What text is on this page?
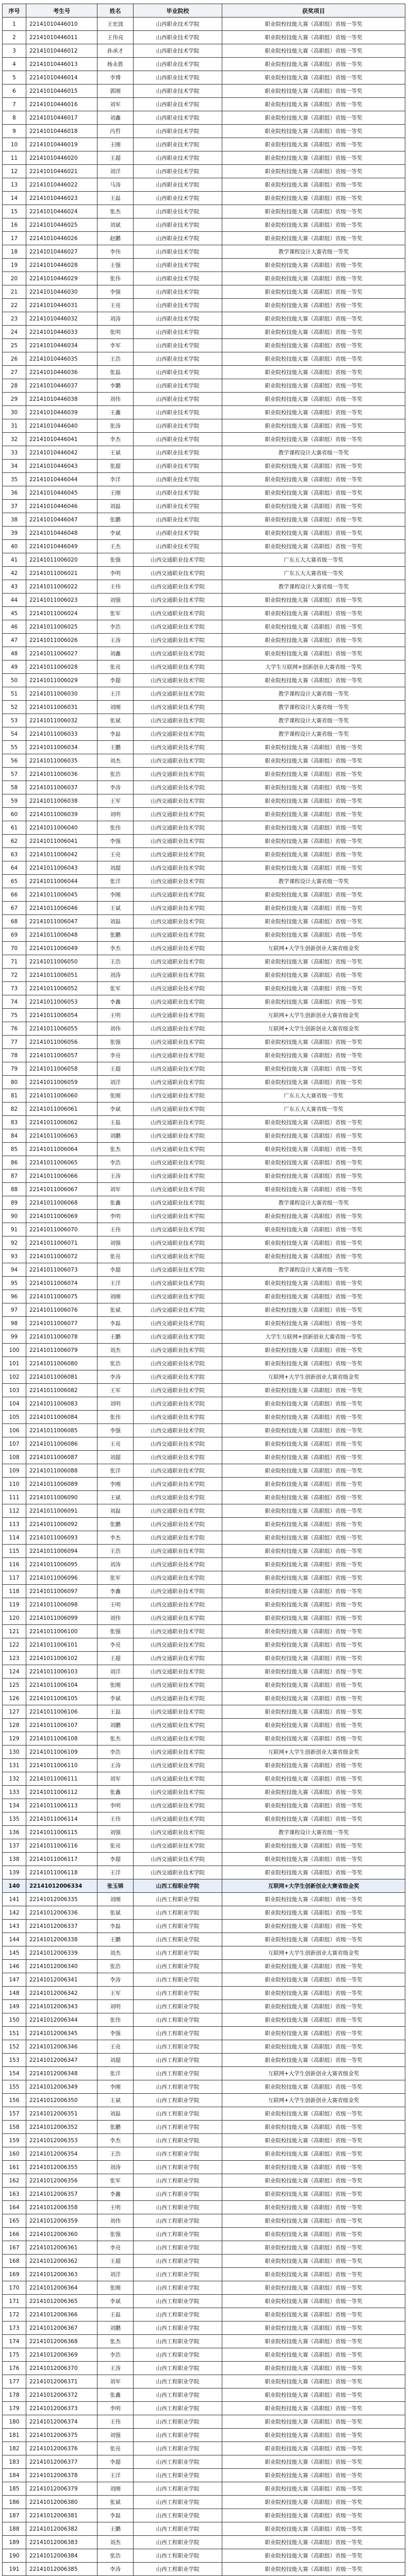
序号	考生号	姓名	毕业院校	获奖项目
1	22141010446010	王宏波	山西职业技术学院	职业院校技能大赛（高职组）省级一等奖
2	22141010446011	王伟亮	山西职业技术学院	职业院校技能大赛（高职组）省级一等奖
3	22141010446012	孙承才	山西职业技术学院	职业院校技能大赛（高职组）省级一等奖
4	22141010446013	杨永胜	山西职业技术学院	职业院校技能大赛（高职组）省级一等奖
5	22141010446014	李博	山西职业技术学院	职业院校技能大赛（高职组）省级一等奖
6	22141010446015	郭刚	山西职业技术学院	职业院校技能大赛（高职组）省级一等奖
7	22141010446016	刘军	山西职业技术学院	职业院校技能大赛（高职组）省级一等奖
8	22141010446017	刘鑫	山西职业技术学院	职业院校技能大赛（高职组）省级一等奖
9	22141010446018	冯哲	山西职业技术学院	职业院校技能大赛（高职组）省级一等奖
10	22141010446019	王刚	山西职业技术学院	职业院校技能大赛（高职组）省级一等奖
11	22141010446020	王超	山西职业技术学院	职业院校技能大赛（高职组）省级一等奖
12	22141010446021	刘洋	山西职业技术学院	职业院校技能大赛（高职组）省级一等奖
13	22141010446022	马涛	山西职业技术学院	职业院校技能大赛（高职组）省级一等奖
14	22141010446023	王磊	山西职业技术学院	职业院校技能大赛（高职组）省级一等奖
15	22141010446024	张杰	山西职业技术学院	职业院校技能大赛（高职组）省级一等奖
16	22141010446025	刘斌	山西职业技术学院	职业院校技能大赛（高职组）省级一等奖
17	22141010446026	赵鹏	山西职业技术学院	职业院校技能大赛（高职组）省级一等奖
18	22141010446027	李伟	山西职业技术学院	教学课程设计大赛省级一等奖
19	22141010446028	王强	山西职业技术学院	职业院校技能大赛（高职组）省级一等奖
20	22141010446029	张伟	山西职业技术学院	职业院校技能大赛（高职组）省级一等奖
21	22141010446030	李强	山西职业技术学院	职业院校技能大赛（高职组）省级一等奖
22	22141010446031	王亮	山西职业技术学院	职业院校技能大赛（高职组）省级一等奖
23	22141010446032	刘涛	山西职业技术学院	职业院校技能大赛（高职组）省级一等奖
24	22141010446033	张明	山西职业技术学院	职业院校技能大赛（高职组）省级一等奖
25	22141010446034	李军	山西职业技术学院	职业院校技能大赛（高职组）省级一等奖
26	22141010446035	王浩	山西职业技术学院	职业院校技能大赛（高职组）省级一等奖
27	22141010446036	张磊	山西职业技术学院	职业院校技能大赛（高职组）省级一等奖
28	22141010446037	李鹏	山西职业技术学院	职业院校技能大赛（高职组）省级一等奖
29	22141010446038	刘伟	山西职业技术学院	职业院校技能大赛（高职组）省级一等奖
30	22141010446039	王鑫	山西职业技术学院	职业院校技能大赛（高职组）省级一等奖
31	22141010446040	张涛	山西职业技术学院	职业院校技能大赛（高职组）省级一等奖
32	22141010446041	李杰	山西职业技术学院	职业院校技能大赛（高职组）省级一等奖
33	22141010446042	王斌	山西职业技术学院	教学课程设计大赛省级一等奖
34	22141010446043	张超	山西职业技术学院	职业院校技能大赛（高职组）省级一等奖
35	22141010446044	李洋	山西职业技术学院	职业院校技能大赛（高职组）省级一等奖
36	22141010446045	王刚	山西职业技术学院	职业院校技能大赛（高职组）省级一等奖
37	22141010446046	刘磊	山西职业技术学院	职业院校技能大赛（高职组）省级一等奖
38	22141010446047	张鹏	山西职业技术学院	职业院校技能大赛（高职组）省级一等奖
39	22141010446048	李斌	山西职业技术学院	职业院校技能大赛（高职组）省级一等奖
40	22141010446049	王杰	山西职业技术学院	职业院校技能大赛（高职组）省级一等奖
41	22141011006020	张强	山西交通职业技术学院	广东五大大赛省级一等奖
42	22141011006021	李明	山西交通职业技术学院	广东五大大赛省级一等奖
43	22141011006022	王伟	山西交通职业技术学院	教学课程设计大赛省级一等奖
44	22141011006023	刘强	山西交通职业技术学院	职业院校技能大赛（高职组）省级一等奖
45	22141011006024	张军	山西交通职业技术学院	职业院校技能大赛（高职组）省级一等奖
46	22141011006025	李浩	山西交通职业技术学院	职业院校技能大赛（高职组）省级一等奖
47	22141011006026	王涛	山西交通职业技术学院	职业院校技能大赛（高职组）省级一等奖
48	22141011006027	刘鑫	山西交通职业技术学院	职业院校技能大赛（高职组）省级一等奖
49	22141011006028	张亮	山西交通职业技术学院	大学生互联网+创新创业大赛省级一等奖
50	22141011006029	李超	山西交通职业技术学院	职业院校技能大赛（高职组）省级一等奖
51	22141011006030	王洋	山西交通职业技术学院	教学课程设计大赛省级一等奖
52	22141011006031	刘刚	山西交通职业技术学院	教学课程设计大赛省级一等奖
53	22141011006032	张斌	山西交通职业技术学院	教学课程设计大赛省级一等奖
54	22141011006033	李磊	山西交通职业技术学院	教学课程设计大赛省级一等奖
55	22141011006034	王鹏	山西交通职业技术学院	职业院校技能大赛（高职组）省级一等奖
56	22141011006035	刘杰	山西交通职业技术学院	职业院校技能大赛（高职组）省级一等奖
57	22141011006036	张浩	山西交通职业技术学院	职业院校技能大赛（高职组）省级一等奖
58	22141011006037	李涛	山西交通职业技术学院	职业院校技能大赛（高职组）省级一等奖
59	22141011006038	王军	山西交通职业技术学院	职业院校技能大赛（高职组）省级一等奖
60	22141011006039	刘明	山西交通职业技术学院	职业院校技能大赛（高职组）省级一等奖
61	22141011006040	张伟	山西交通职业技术学院	职业院校技能大赛（高职组）省级一等奖
62	22141011006041	李强	山西交通职业技术学院	职业院校技能大赛（高职组）省级一等奖
63	22141011006042	王亮	山西交通职业技术学院	职业院校技能大赛（高职组）省级一等奖
64	22141011006043	刘超	山西交通职业技术学院	职业院校技能大赛（高职组）省级一等奖
65	22141011006044	张洋	山西交通职业技术学院	教学课程设计大赛省级一等奖
66	22141011006045	李刚	山西交通职业技术学院	职业院校技能大赛（高职组）省级一等奖
67	22141011006046	王斌	山西交通职业技术学院	职业院校技能大赛（高职组）省级一等奖
68	22141011006047	刘磊	山西交通职业技术学院	职业院校技能大赛（高职组）省级一等奖
69	22141011006048	张鹏	山西交通职业技术学院	职业院校技能大赛（高职组）省级一等奖
70	22141011006049	李杰	山西交通职业技术学院	互联网+大学生创新创业大赛省级金奖
71	22141011006050	王浩	山西交通职业技术学院	职业院校技能大赛（高职组）省级一等奖
72	22141011006051	刘涛	山西交通职业技术学院	职业院校技能大赛（高职组）省级一等奖
73	22141011006052	张军	山西交通职业技术学院	职业院校技能大赛（高职组）省级一等奖
74	22141011006053	李鑫	山西交通职业技术学院	职业院校技能大赛（高职组）省级一等奖
75	22141011006054	王明	山西交通职业技术学院	互联网+大学生创新创业大赛省级金奖
76	22141011006055	刘伟	山西交通职业技术学院	互联网+大学生创新创业大赛省级金奖
77	22141011006056	张强	山西交通职业技术学院	职业院校技能大赛（高职组）省级一等奖
78	22141011006057	李亮	山西交通职业技术学院	职业院校技能大赛（高职组）省级一等奖
79	22141011006058	王超	山西交通职业技术学院	职业院校技能大赛（高职组）省级一等奖
80	22141011006059	刘洋	山西交通职业技术学院	职业院校技能大赛（高职组）省级一等奖
81	22141011006060	张刚	山西交通职业技术学院	广东五大大赛省级一等奖
82	22141011006061	李斌	山西交通职业技术学院	广东五大大赛省级一等奖
83	22141011006062	王磊	山西交通职业技术学院	职业院校技能大赛（高职组）省级一等奖
84	22141011006063	刘鹏	山西交通职业技术学院	职业院校技能大赛（高职组）省级一等奖
85	22141011006064	张杰	山西交通职业技术学院	职业院校技能大赛（高职组）省级一等奖
86	22141011006065	李浩	山西交通职业技术学院	职业院校技能大赛（高职组）省级一等奖
87	22141011006066	王涛	山西交通职业技术学院	职业院校技能大赛（高职组）省级一等奖
88	22141011006067	刘军	山西交通职业技术学院	职业院校技能大赛（高职组）省级一等奖
89	22141011006068	张鑫	山西交通职业技术学院	教学课程设计大赛省级一等奖
90	22141011006069	李明	山西交通职业技术学院	职业院校技能大赛（高职组）省级一等奖
91	22141011006070	王伟	山西交通职业技术学院	职业院校技能大赛（高职组）省级一等奖
92	22141011006071	刘强	山西交通职业技术学院	职业院校技能大赛（高职组）省级一等奖
93	22141011006072	张亮	山西交通职业技术学院	职业院校技能大赛（高职组）省级一等奖
94	22141011006073	李超	山西交通职业技术学院	教学课程设计大赛省级一等奖
95	22141011006074	王洋	山西交通职业技术学院	职业院校技能大赛（高职组）省级一等奖
96	22141011006075	刘刚	山西交通职业技术学院	职业院校技能大赛（高职组）省级一等奖
97	22141011006076	张斌	山西交通职业技术学院	职业院校技能大赛（高职组）省级一等奖
98	22141011006077	李磊	山西交通职业技术学院	职业院校技能大赛（高职组）省级一等奖
99	22141011006078	王鹏	山西交通职业技术学院	大学生互联网+创新创业大赛省级一等奖
100	22141011006079	刘杰	山西交通职业技术学院	职业院校技能大赛（高职组）省级一等奖
101	22141011006080	张浩	山西交通职业技术学院	职业院校技能大赛（高职组）省级一等奖
102	22141011006081	李涛	山西交通职业技术学院	互联网+大学生创新创业大赛省级金奖
103	22141011006082	王军	山西交通职业技术学院	职业院校技能大赛（高职组）省级一等奖
104	22141011006083	刘明	山西交通职业技术学院	职业院校技能大赛（高职组）省级一等奖
105	22141011006084	张伟	山西交通职业技术学院	职业院校技能大赛（高职组）省级一等奖
106	22141011006085	李强	山西交通职业技术学院	职业院校技能大赛（高职组）省级一等奖
107	22141011006086	王亮	山西交通职业技术学院	职业院校技能大赛（高职组）省级一等奖
108	22141011006087	刘超	山西交通职业技术学院	职业院校技能大赛（高职组）省级一等奖
109	22141011006088	张洋	山西交通职业技术学院	职业院校技能大赛（高职组）省级一等奖
110	22141011006089	李刚	山西交通职业技术学院	职业院校技能大赛（高职组）省级一等奖
111	22141011006090	王斌	山西交通职业技术学院	职业院校技能大赛（高职组）省级一等奖
112	22141011006091	刘磊	山西交通职业技术学院	职业院校技能大赛（高职组）省级一等奖
113	22141011006092	张鹏	山西交通职业技术学院	职业院校技能大赛（高职组）省级一等奖
114	22141011006093	李杰	山西交通职业技术学院	职业院校技能大赛（高职组）省级一等奖
115	22141011006094	王浩	山西交通职业技术学院	职业院校技能大赛（高职组）省级一等奖
116	22141011006095	刘涛	山西交通职业技术学院	职业院校技能大赛（高职组）省级一等奖
117	22141011006096	张军	山西交通职业技术学院	职业院校技能大赛（高职组）省级一等奖
118	22141011006097	李鑫	山西交通职业技术学院	职业院校技能大赛（高职组）省级一等奖
119	22141011006098	王明	山西交通职业技术学院	职业院校技能大赛（高职组）省级一等奖
120	22141011006099	刘伟	山西交通职业技术学院	职业院校技能大赛（高职组）省级一等奖
121	22141011006100	张强	山西交通职业技术学院	职业院校技能大赛（高职组）省级一等奖
122	22141011006101	李亮	山西交通职业技术学院	职业院校技能大赛（高职组）省级一等奖
123	22141011006102	王超	山西交通职业技术学院	职业院校技能大赛（高职组）省级一等奖
124	22141011006103	刘洋	山西交通职业技术学院	职业院校技能大赛（高职组）省级一等奖
125	22141011006104	张刚	山西交通职业技术学院	职业院校技能大赛（高职组）省级一等奖
126	22141011006105	李斌	山西交通职业技术学院	职业院校技能大赛（高职组）省级一等奖
127	22141011006106	王磊	山西交通职业技术学院	职业院校技能大赛（高职组）省级一等奖
128	22141011006107	刘鹏	山西交通职业技术学院	职业院校技能大赛（高职组）省级一等奖
129	22141011006108	张杰	山西交通职业技术学院	职业院校技能大赛（高职组）省级一等奖
130	22141011006109	李浩	山西交通职业技术学院	互联网+大学生创新创业大赛省级金奖
131	22141011006110	王涛	山西交通职业技术学院	职业院校技能大赛（高职组）省级一等奖
132	22141011006111	刘军	山西交通职业技术学院	职业院校技能大赛（高职组）省级一等奖
133	22141011006112	张鑫	山西交通职业技术学院	职业院校技能大赛（高职组）省级一等奖
134	22141011006113	李明	山西交通职业技术学院	职业院校技能大赛（高职组）省级一等奖
135	22141011006114	王伟	山西交通职业技术学院	职业院校技能大赛（高职组）省级一等奖
136	22141011006115	刘强	山西交通职业技术学院	教学课程设计大赛省级一等奖
137	22141011006116	张亮	山西交通职业技术学院	职业院校技能大赛（高职组）省级一等奖
138	22141011006117	李超	山西交通职业技术学院	职业院校技能大赛（高职组）省级一等奖
139	22141011006118	王洋	山西交通职业技术学院	职业院校技能大赛（高职组）省级一等奖
140	22141012006334	张玉锦	山西工程职业学院	互联网+大学生创新创业大赛省级金奖
141	22141012006335	刘刚	山西工程职业学院	职业院校技能大赛（高职组）省级一等奖
142	22141012006336	张斌	山西工程职业学院	职业院校技能大赛（高职组）省级一等奖
143	22141012006337	李磊	山西工程职业学院	职业院校技能大赛（高职组）省级一等奖
144	22141012006338	王鹏	山西工程职业学院	职业院校技能大赛（高职组）省级一等奖
145	22141012006339	刘杰	山西工程职业学院	互联网+大学生创新创业大赛省级金奖
146	22141012006340	张浩	山西工程职业学院	职业院校技能大赛（高职组）省级一等奖
147	22141012006341	李涛	山西工程职业学院	职业院校技能大赛（高职组）省级一等奖
148	22141012006342	王军	山西工程职业学院	职业院校技能大赛（高职组）省级一等奖
149	22141012006343	刘明	山西工程职业学院	职业院校技能大赛（高职组）省级一等奖
150	22141012006344	张伟	山西工程职业学院	职业院校技能大赛（高职组）省级一等奖
151	22141012006345	李强	山西工程职业学院	职业院校技能大赛（高职组）省级一等奖
152	22141012006346	王亮	山西工程职业学院	职业院校技能大赛（高职组）省级一等奖
153	22141012006347	刘超	山西工程职业学院	职业院校技能大赛（高职组）省级一等奖
154	22141012006348	张洋	山西工程职业学院	互联网+大学生创新创业大赛省级金奖
155	22141012006349	李刚	山西工程职业学院	职业院校技能大赛（高职组）省级一等奖
156	22141012006350	王斌	山西工程职业学院	互联网+大学生创新创业大赛省级金奖
157	22141012006351	刘磊	山西工程职业学院	职业院校技能大赛（高职组）省级一等奖
158	22141012006352	张鹏	山西工程职业学院	职业院校技能大赛（高职组）省级一等奖
159	22141012006353	李杰	山西工程职业学院	职业院校技能大赛（高职组）省级一等奖
160	22141012006354	王浩	山西工程职业学院	职业院校技能大赛（高职组）省级一等奖
161	22141012006355	刘涛	山西工程职业学院	职业院校技能大赛（高职组）省级一等奖
162	22141012006356	张军	山西工程职业学院	职业院校技能大赛（高职组）省级一等奖
163	22141012006357	李鑫	山西工程职业学院	职业院校技能大赛（高职组）省级一等奖
164	22141012006358	王明	山西工程职业学院	职业院校技能大赛（高职组）省级一等奖
165	22141012006359	刘伟	山西工程职业学院	职业院校技能大赛（高职组）省级一等奖
166	22141012006360	张强	山西工程职业学院	职业院校技能大赛（高职组）省级一等奖
167	22141012006361	李亮	山西工程职业学院	职业院校技能大赛（高职组）省级一等奖
168	22141012006362	王超	山西工程职业学院	职业院校技能大赛（高职组）省级一等奖
169	22141012006363	刘洋	山西工程职业学院	职业院校技能大赛（高职组）省级一等奖
170	22141012006364	张刚	山西工程职业学院	职业院校技能大赛（高职组）省级一等奖
171	22141012006365	李斌	山西工程职业学院	职业院校技能大赛（高职组）省级一等奖
172	22141012006366	王磊	山西工程职业学院	职业院校技能大赛（高职组）省级一等奖
173	22141012006367	刘鹏	山西工程职业学院	职业院校技能大赛（高职组）省级一等奖
174	22141012006368	张杰	山西工程职业学院	职业院校技能大赛（高职组）省级一等奖
175	22141012006369	李浩	山西工程职业学院	职业院校技能大赛（高职组）省级一等奖
176	22141012006370	王涛	山西工程职业学院	职业院校技能大赛（高职组）省级一等奖
177	22141012006371	刘军	山西工程职业学院	职业院校技能大赛（高职组）省级一等奖
178	22141012006372	张鑫	山西工程职业学院	职业院校技能大赛（高职组）省级一等奖
179	22141012006373	李明	山西工程职业学院	职业院校技能大赛（高职组）省级一等奖
180	22141012006374	王伟	山西工程职业学院	职业院校技能大赛（高职组）省级一等奖
181	22141012006375	刘强	山西工程职业学院	职业院校技能大赛（高职组）省级一等奖
182	22141012006376	张亮	山西工程职业学院	职业院校技能大赛（高职组）省级一等奖
183	22141012006377	李超	山西工程职业学院	职业院校技能大赛（高职组）省级一等奖
184	22141012006378	王洋	山西工程职业学院	职业院校技能大赛（高职组）省级一等奖
185	22141012006379	刘刚	山西工程职业学院	职业院校技能大赛（高职组）省级一等奖
186	22141012006380	张斌	山西工程职业学院	职业院校技能大赛（高职组）省级一等奖
187	22141012006381	李磊	山西工程职业学院	职业院校技能大赛（高职组）省级一等奖
188	22141012006382	王鹏	山西工程职业学院	职业院校技能大赛（高职组）省级一等奖
189	22141012006383	刘杰	山西工程职业学院	职业院校技能大赛（高职组）省级一等奖
190	22141012006384	张浩	山西工程职业学院	职业院校技能大赛（高职组）省级一等奖
191	22141012006385	李涛	山西工程职业学院	职业院校技能大赛（高职组）省级一等奖
